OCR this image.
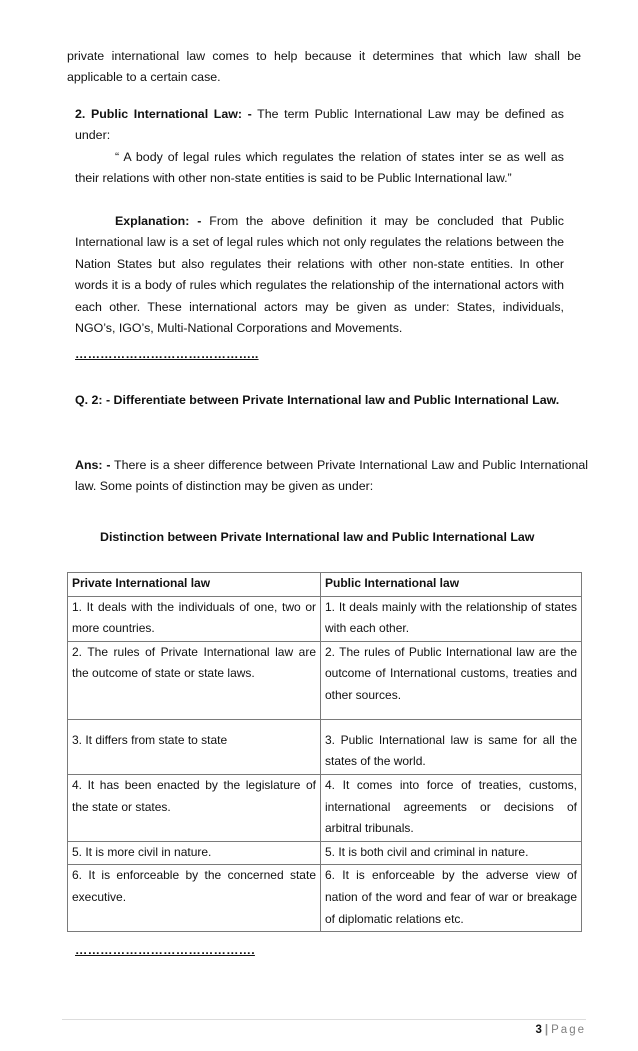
private international law comes to help because it determines that which law shall be applicable to a certain case.
2. Public International Law: - The term Public International Law may be defined as under:
“ A body of legal rules which regulates the relation of states inter se as well as their relations with other non-state entities is said to be Public International law.”
Explanation: - From the above definition it may be concluded that Public International law is a set of legal rules which not only regulates the relations between the Nation States but also regulates their relations with other non-state entities. In other words it is a body of rules which regulates the relationship of the international actors with each other. These international actors may be given as under: States, individuals, NGO’s, IGO’s, Multi-National Corporations and Movements.
……………………………………..
Q. 2: - Differentiate between Private International law and Public International Law.
Ans: - There is a sheer difference between Private International Law and Public International law. Some points of distinction may be given as under:
Distinction between Private International law and Public International Law
Private International law	Public International law
1. It deals with the individuals of one, two or more countries.	1. It deals mainly with the relationship of states with each other.
2. The rules of Private International law are the outcome of state or state laws.	2. The rules of Public International law are the outcome of International customs, treaties and other sources.
3. It differs from state to state	3. Public International law is same for all the states of the world.
4. It has been enacted by the legislature of the state or states.	4. It comes into force of treaties, customs, international agreements or decisions of arbitral tribunals.
5. It is more civil in nature.	5. It is both civil and criminal in nature.
6. It is enforceable by the concerned state executive.	6. It is enforceable by the adverse view of nation of the word and fear of war or breakage of diplomatic relations etc.
…………………………………….
3 | Page
